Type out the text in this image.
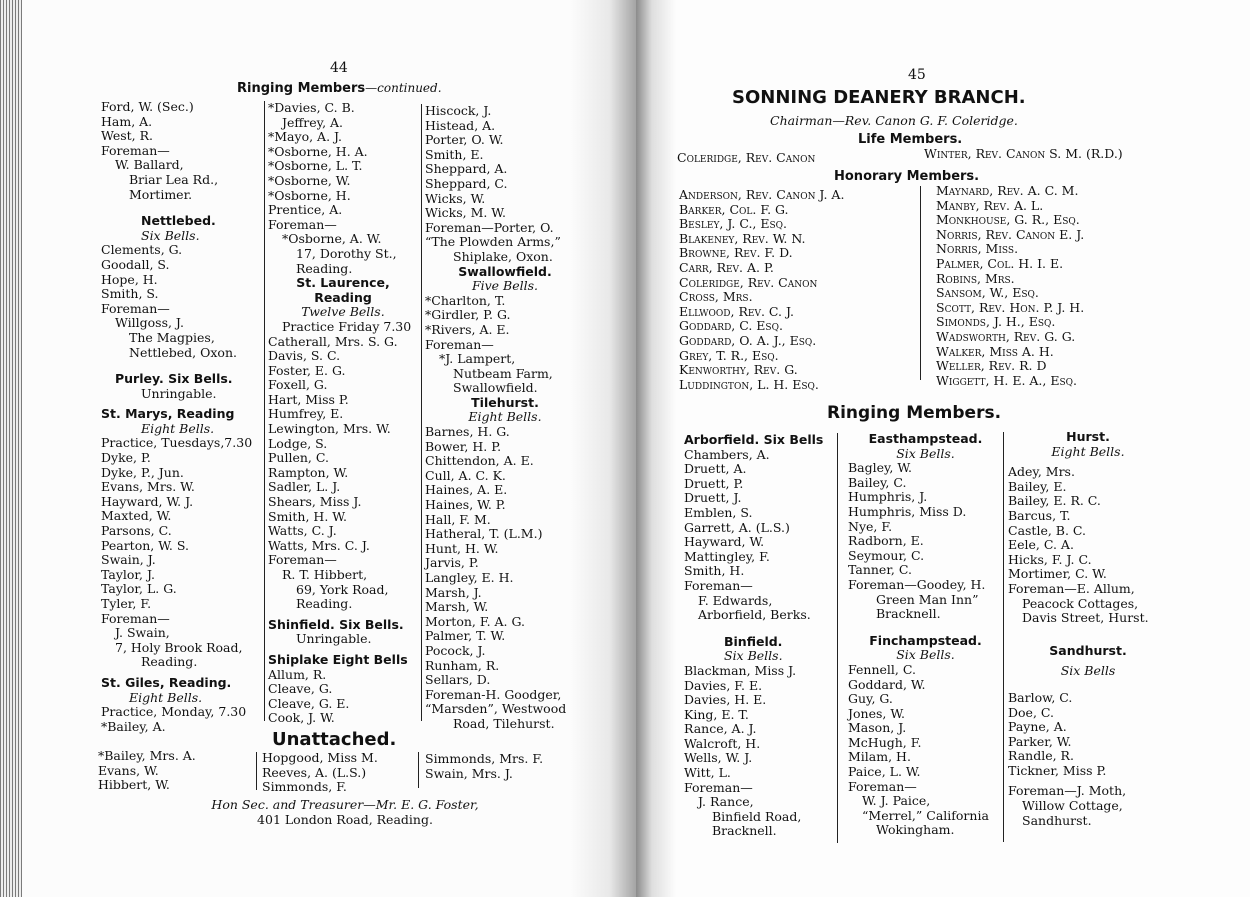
44
Ringing Members—continued.
Ford, W. (Sec.)
Ham, A.
West, R.
Foreman—
W. Ballard,
Briar Lea Rd.,
Mortimer.
Nettlebed.
Six Bells.
Clements, G.
Goodall, S.
Hope, H.
Smith, S.
Foreman—
Willgoss, J.
The Magpies,
Nettlebed, Oxon.
Purley. Six Bells.
Unringable.
St. Marys, Reading
Eight Bells.
Practice, Tuesdays,7.30
Dyke, P.
Dyke, P., Jun.
Evans, Mrs. W.
Hayward, W. J.
Maxted, W.
Parsons, C.
Pearton, W. S.
Swain, J.
Taylor, J.
Taylor, L. G.
Tyler, F.
Foreman—
J. Swain,
7, Holy Brook Road,
Reading.
St. Giles, Reading.
Eight Bells.
Practice, Monday, 7.30
*Bailey, A.
*Davies, C. B.
Jeffrey, A.
*Mayo, A. J.
*Osborne, H. A.
*Osborne, L. T.
*Osborne, W.
*Osborne, H.
Prentice, A.
Foreman—
*Osborne, A. W.
17, Dorothy St.,
Reading.
St. Laurence,
Reading
Twelve Bells.
Practice Friday 7.30
Catherall, Mrs. S. G.
Davis, S. C.
Foster, E. G.
Foxell, G.
Hart, Miss P.
Humfrey, E.
Lewington, Mrs. W.
Lodge, S.
Pullen, C.
Rampton, W.
Sadler, L. J.
Shears, Miss J.
Smith, H. W.
Watts, C. J.
Watts, Mrs. C. J.
Foreman—
R. T. Hibbert,
69, York Road,
Reading.
Shinfield. Six Bells.
Unringable.
Shiplake Eight Bells
Allum, R.
Cleave, G.
Cleave, G. E.
Cook, J. W.
Hiscock, J.
Histead, A.
Porter, O. W.
Smith, E.
Sheppard, A.
Sheppard, C.
Wicks, W.
Wicks, M. W.
Foreman—Porter, O.
“The Plowden Arms,”
Shiplake, Oxon.
Swallowfield.
Five Bells.
*Charlton, T.
*Girdler, P. G.
*Rivers, A. E.
Foreman—
*J. Lampert,
Nutbeam Farm,
Swallowfield.
Tilehurst.
Eight Bells.
Barnes, H. G.
Bower, H. P.
Chittendon, A. E.
Cull, A. C. K.
Haines, A. E.
Haines, W. P.
Hall, F. M.
Hatheral, T. (L.M.)
Hunt, H. W.
Jarvis, P.
Langley, E. H.
Marsh, J.
Marsh, W.
Morton, F. A. G.
Palmer, T. W.
Pocock, J.
Runham, R.
Sellars, D.
Foreman-H. Goodger,
“Marsden”, Westwood
Road, Tilehurst.
Unattached.
*Bailey, Mrs. A.
Evans, W.
Hibbert, W.
Hopgood, Miss M.
Reeves, A. (L.S.)
Simmonds, F.
Simmonds, Mrs. F.
Swain, Mrs. J.
Hon Sec. and Treasurer—Mr. E. G. Foster,
401 London Road, Reading.
45
SONNING DEANERY BRANCH.
Chairman—Rev. Canon G. F. Coleridge.
Life Members.
Coleridge, Rev. Canon	Winter, Rev. Canon S. M. (R.D.)
Honorary Members.
Anderson, Rev. Canon J. A.
Barker, Col. F. G.
Besley, J. C., Esq.
Blakeney, Rev. W. N.
Browne, Rev. F. D.
Carr, Rev. A. P.
Coleridge, Rev. Canon
Cross, Mrs.
Ellwood, Rev. C. J.
Goddard, C. Esq.
Goddard, O. A. J., Esq.
Grey, T. R., Esq.
Kenworthy, Rev. G.
Luddington, L. H. Esq.
Maynard, Rev. A. C. M.
Manby, Rev. A. L.
Monkhouse, G. R., Esq.
Norris, Rev. Canon E. J.
Norris, Miss.
Palmer, Col. H. I. E.
Robins, Mrs.
Sansom, W., Esq.
Scott, Rev. Hon. P. J. H.
Simonds, J. H., Esq.
Wadsworth, Rev. G. G.
Walker, Miss A. H.
Weller, Rev. R. D
Wiggett, H. E. A., Esq.
Ringing Members.
Arborfield. Six Bells
Chambers, A.
Druett, A.
Druett, P.
Druett, J.
Emblen, S.
Garrett, A. (L.S.)
Hayward, W.
Mattingley, F.
Smith, H.
Foreman—
F. Edwards,
Arborfield, Berks.
Binfield.
Six Bells.
Blackman, Miss J.
Davies, F. E.
Davies, H. E.
King, E. T.
Rance, A. J.
Walcroft, H.
Wells, W. J.
Witt, L.
Foreman—
J. Rance,
Binfield Road,
Bracknell.
Easthampstead.
Six Bells.
Bagley, W.
Bailey, C.
Humphris, J.
Humphris, Miss D.
Nye, F.
Radborn, E.
Seymour, C.
Tanner, C.
Foreman—Goodey, H.
Green Man Inn”
Bracknell.
Finchampstead.
Six Bells.
Fennell, C.
Goddard, W.
Guy, G.
Jones, W.
Mason, J.
McHugh, F.
Milam, H.
Paice, L. W.
Foreman—
W. J. Paice,
“Merrel,” California
Wokingham.
Hurst.
Eight Bells.
Adey, Mrs.
Bailey, E.
Bailey, E. R. C.
Barcus, T.
Castle, B. C.
Eele, C. A.
Hicks, F. J. C.
Mortimer, C. W.
Foreman—E. Allum,
Peacock Cottages,
Davis Street, Hurst.
Sandhurst.
Six Bells
Barlow, C.
Doe, C.
Payne, A.
Parker, W.
Randle, R.
Tickner, Miss P.
Foreman—J. Moth,
Willow Cottage,
Sandhurst.
